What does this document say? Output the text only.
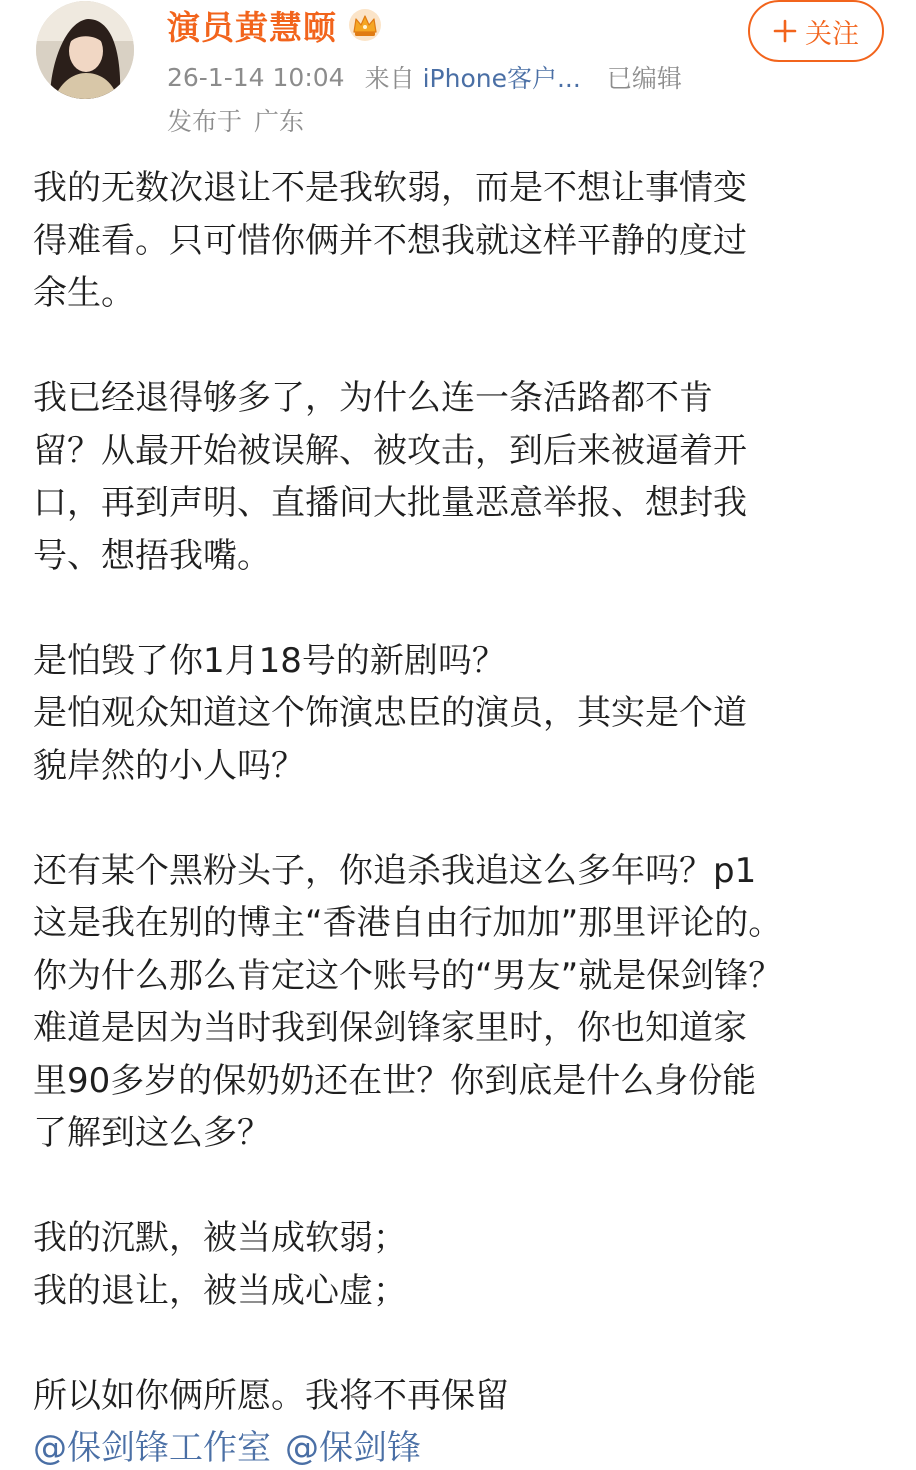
演员黄慧颐
26-1-14 10:04 来自 iPhone客户... 已编辑
发布于 广东
关注
我的无数次退让不是我软弱，而是不想让事情变
得难看。只可惜你俩并不想我就这样平静的度过
余生。
我已经退得够多了，为什么连一条活路都不肯
留？从最开始被误解、被攻击，到后来被逼着开
口，再到声明、直播间大批量恶意举报、想封我
号、想捂我嘴。
是怕毁了你1月18号的新剧吗？
是怕观众知道这个饰演忠臣的演员，其实是个道
貌岸然的小人吗？
还有某个黑粉头子，你追杀我追这么多年吗？p1
这是我在别的博主“香港自由行加加”那里评论的。
你为什么那么肯定这个账号的“男友”就是保剑锋？
难道是因为当时我到保剑锋家里时，你也知道家
里90多岁的保奶奶还在世？你到底是什么身份能
了解到这么多？
我的沉默，被当成软弱；
我的退让，被当成心虚；
所以如你俩所愿。我将不再保留
@保剑锋工作室 @保剑锋
